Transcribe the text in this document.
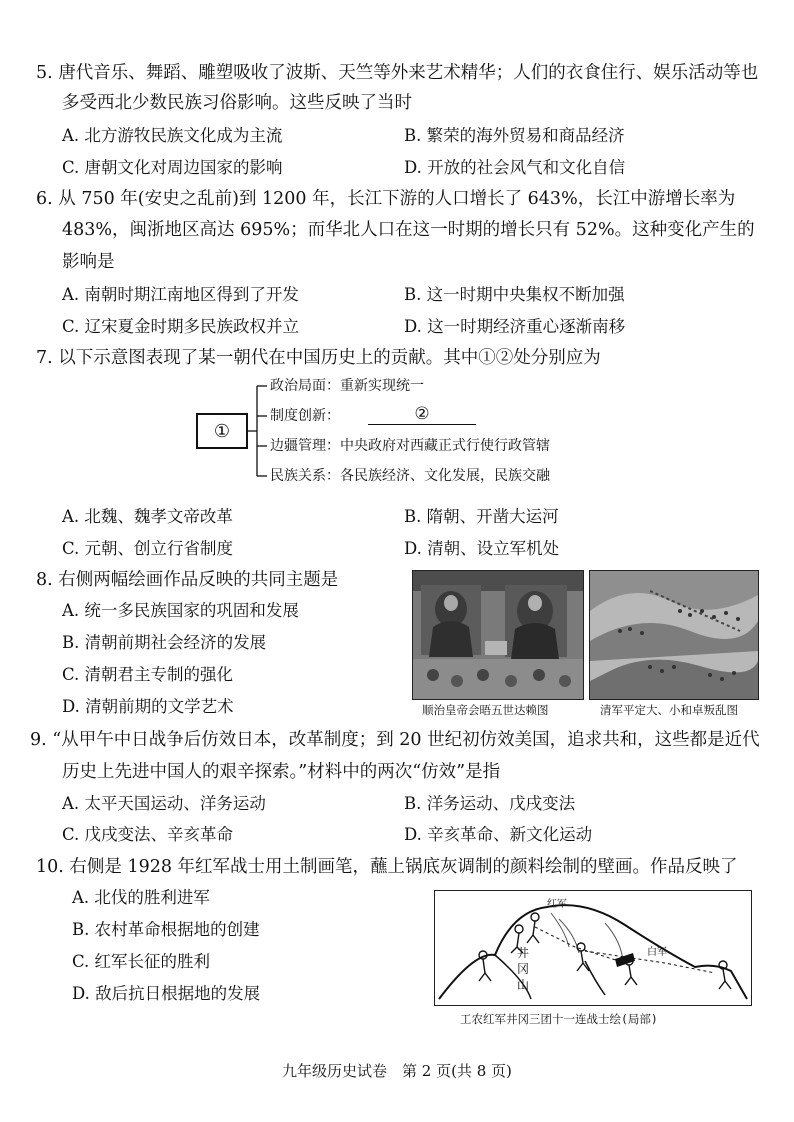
5. 唐代音乐、舞蹈、雕塑吸收了波斯、天竺等外来艺术精华；人们的衣食住行、娱乐活动等也
多受西北少数民族习俗影响。这些反映了当时
A. 北方游牧民族文化成为主流	B. 繁荣的海外贸易和商品经济
C. 唐朝文化对周边国家的影响	D. 开放的社会风气和文化自信
6. 从 750 年(安史之乱前)到 1200 年，长江下游的人口增长了 643%，长江中游增长率为
483%，闽浙地区高达 695%；而华北人口在这一时期的增长只有 52%。这种变化产生的
影响是
A. 南朝时期江南地区得到了开发	B. 这一时期中央集权不断加强
C. 辽宋夏金时期多民族政权并立	D. 这一时期经济重心逐渐南移
7. 以下示意图表现了某一朝代在中国历史上的贡献。其中①②处分别应为
①
政治局面：重新实现统一
制度创新：	②
边疆管理：中央政府对西藏正式行使行政管辖
民族关系：各民族经济、文化发展，民族交融
A. 北魏、魏孝文帝改革	B. 隋朝、开凿大运河
C. 元朝、创立行省制度	D. 清朝、设立军机处
8. 右侧两幅绘画作品反映的共同主题是
A. 统一多民族国家的巩固和发展
B. 清朝前期社会经济的发展
C. 清朝君主专制的强化
D. 清朝前期的文学艺术	顺治皇帝会晤五世达赖图	清军平定大、小和卓叛乱图
9. “从甲午中日战争后仿效日本，改革制度；到 20 世纪初仿效美国，追求共和，这些都是近代
历史上先进中国人的艰辛探索。”材料中的两次“仿效”是指
A. 太平天国运动、洋务运动	B. 洋务运动、戊戌变法
C. 戊戌变法、辛亥革命	D. 辛亥革命、新文化运动
10. 右侧是 1928 年红军战士用土制画笔，蘸上锅底灰调制的颜料绘制的壁画。作品反映了
A. 北伐的胜利进军
B. 农村革命根据地的创建
C. 红军长征的胜利
D. 敌后抗日根据地的发展
井
冈
山
红军
白军
工农红军井冈三团十一连战士绘(局部)
九年级历史试卷　第 2 页(共 8 页)
